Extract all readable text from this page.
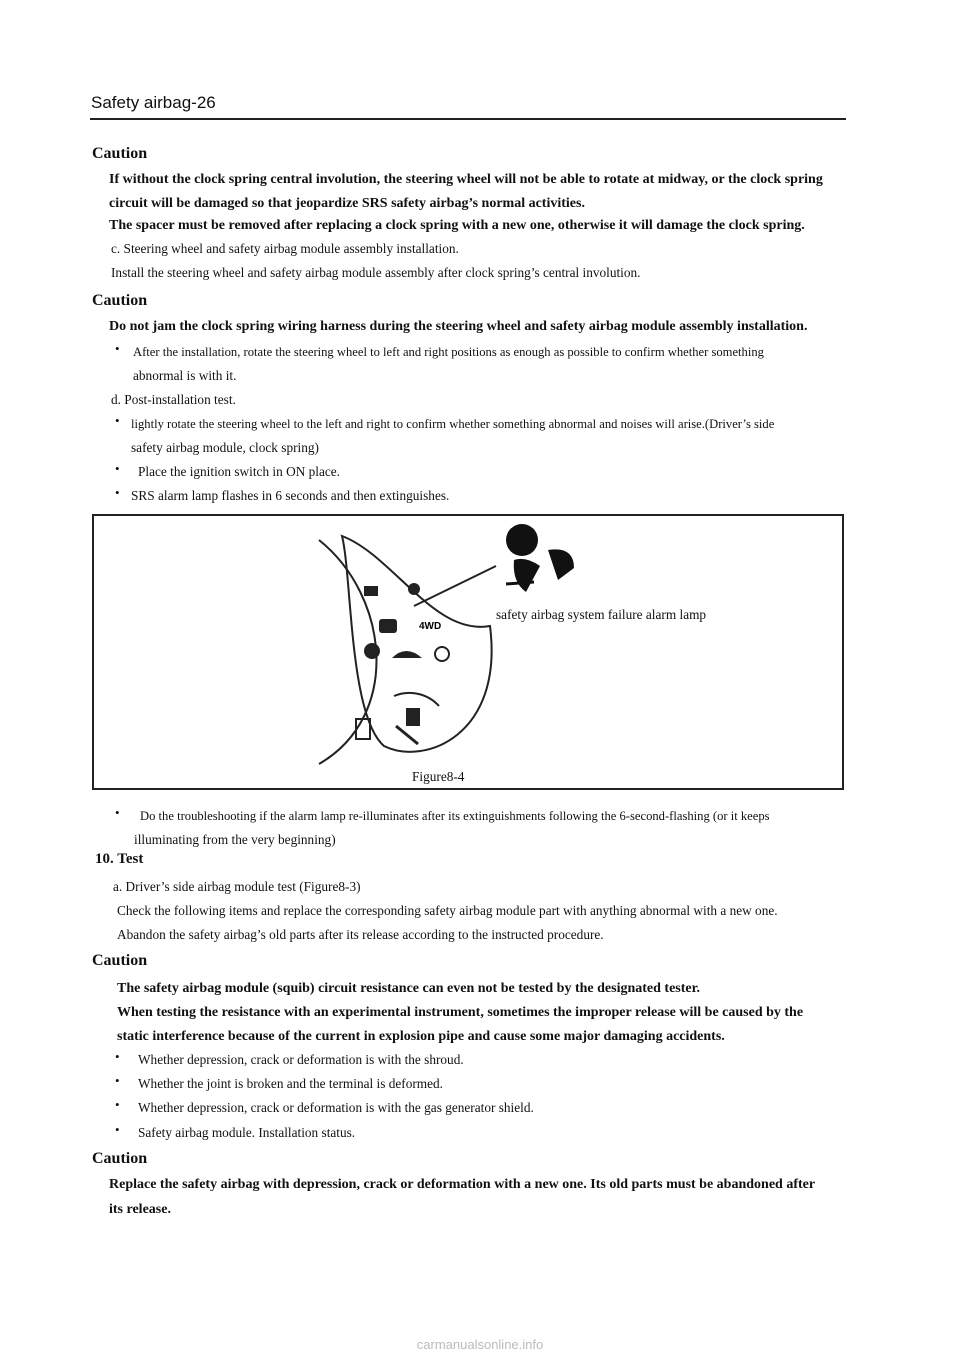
Safety airbag-26
Caution
If without the clock spring central involution, the steering wheel will not be able to rotate at midway, or the clock spring
circuit will be damaged so that jeopardize SRS safety airbag’s normal activities.
The spacer must be removed after replacing a clock spring with a new one, otherwise it will damage the clock spring.
c. Steering wheel and safety airbag module assembly installation.
Install the steering wheel and safety airbag module assembly after clock spring’s central involution.
Caution
Do not jam the clock spring wiring harness during the steering wheel and safety airbag module assembly installation.
• After the installation, rotate the steering wheel to left and right positions as enough as possible to confirm whether something
abnormal is with it.
d. Post-installation test.
• lightly rotate the steering wheel to the left and right to confirm whether something abnormal and noises will arise.(Driver’s side
safety airbag module, clock spring)
• Place the ignition switch in ON place.
• SRS alarm lamp flashes in 6 seconds and then extinguishes.
4WD
safety airbag system failure alarm lamp
Figure8-4
• Do the troubleshooting if the alarm lamp re-illuminates after its extinguishments following the 6-second-flashing (or it keeps
illuminating from the very beginning)
10. Test
a. Driver’s side airbag module test (Figure8-3)
Check the following items and replace the corresponding safety airbag module part with anything abnormal with a new one.
Abandon the safety airbag’s old parts after its release according to the instructed procedure.
Caution
The safety airbag module (squib) circuit resistance can even not be tested by the designated tester.
When testing the resistance with an experimental instrument, sometimes the improper release will be caused by the
static interference because of the current in explosion pipe and cause some major damaging accidents.
• Whether depression, crack or deformation is with the shroud.
• Whether the joint is broken and the terminal is deformed.
• Whether depression, crack or deformation is with the gas generator shield.
• Safety airbag module. Installation status.
Caution
Replace the safety airbag with depression, crack or deformation with a new one. Its old parts must be abandoned after
its release.
carmanualsonline.info
